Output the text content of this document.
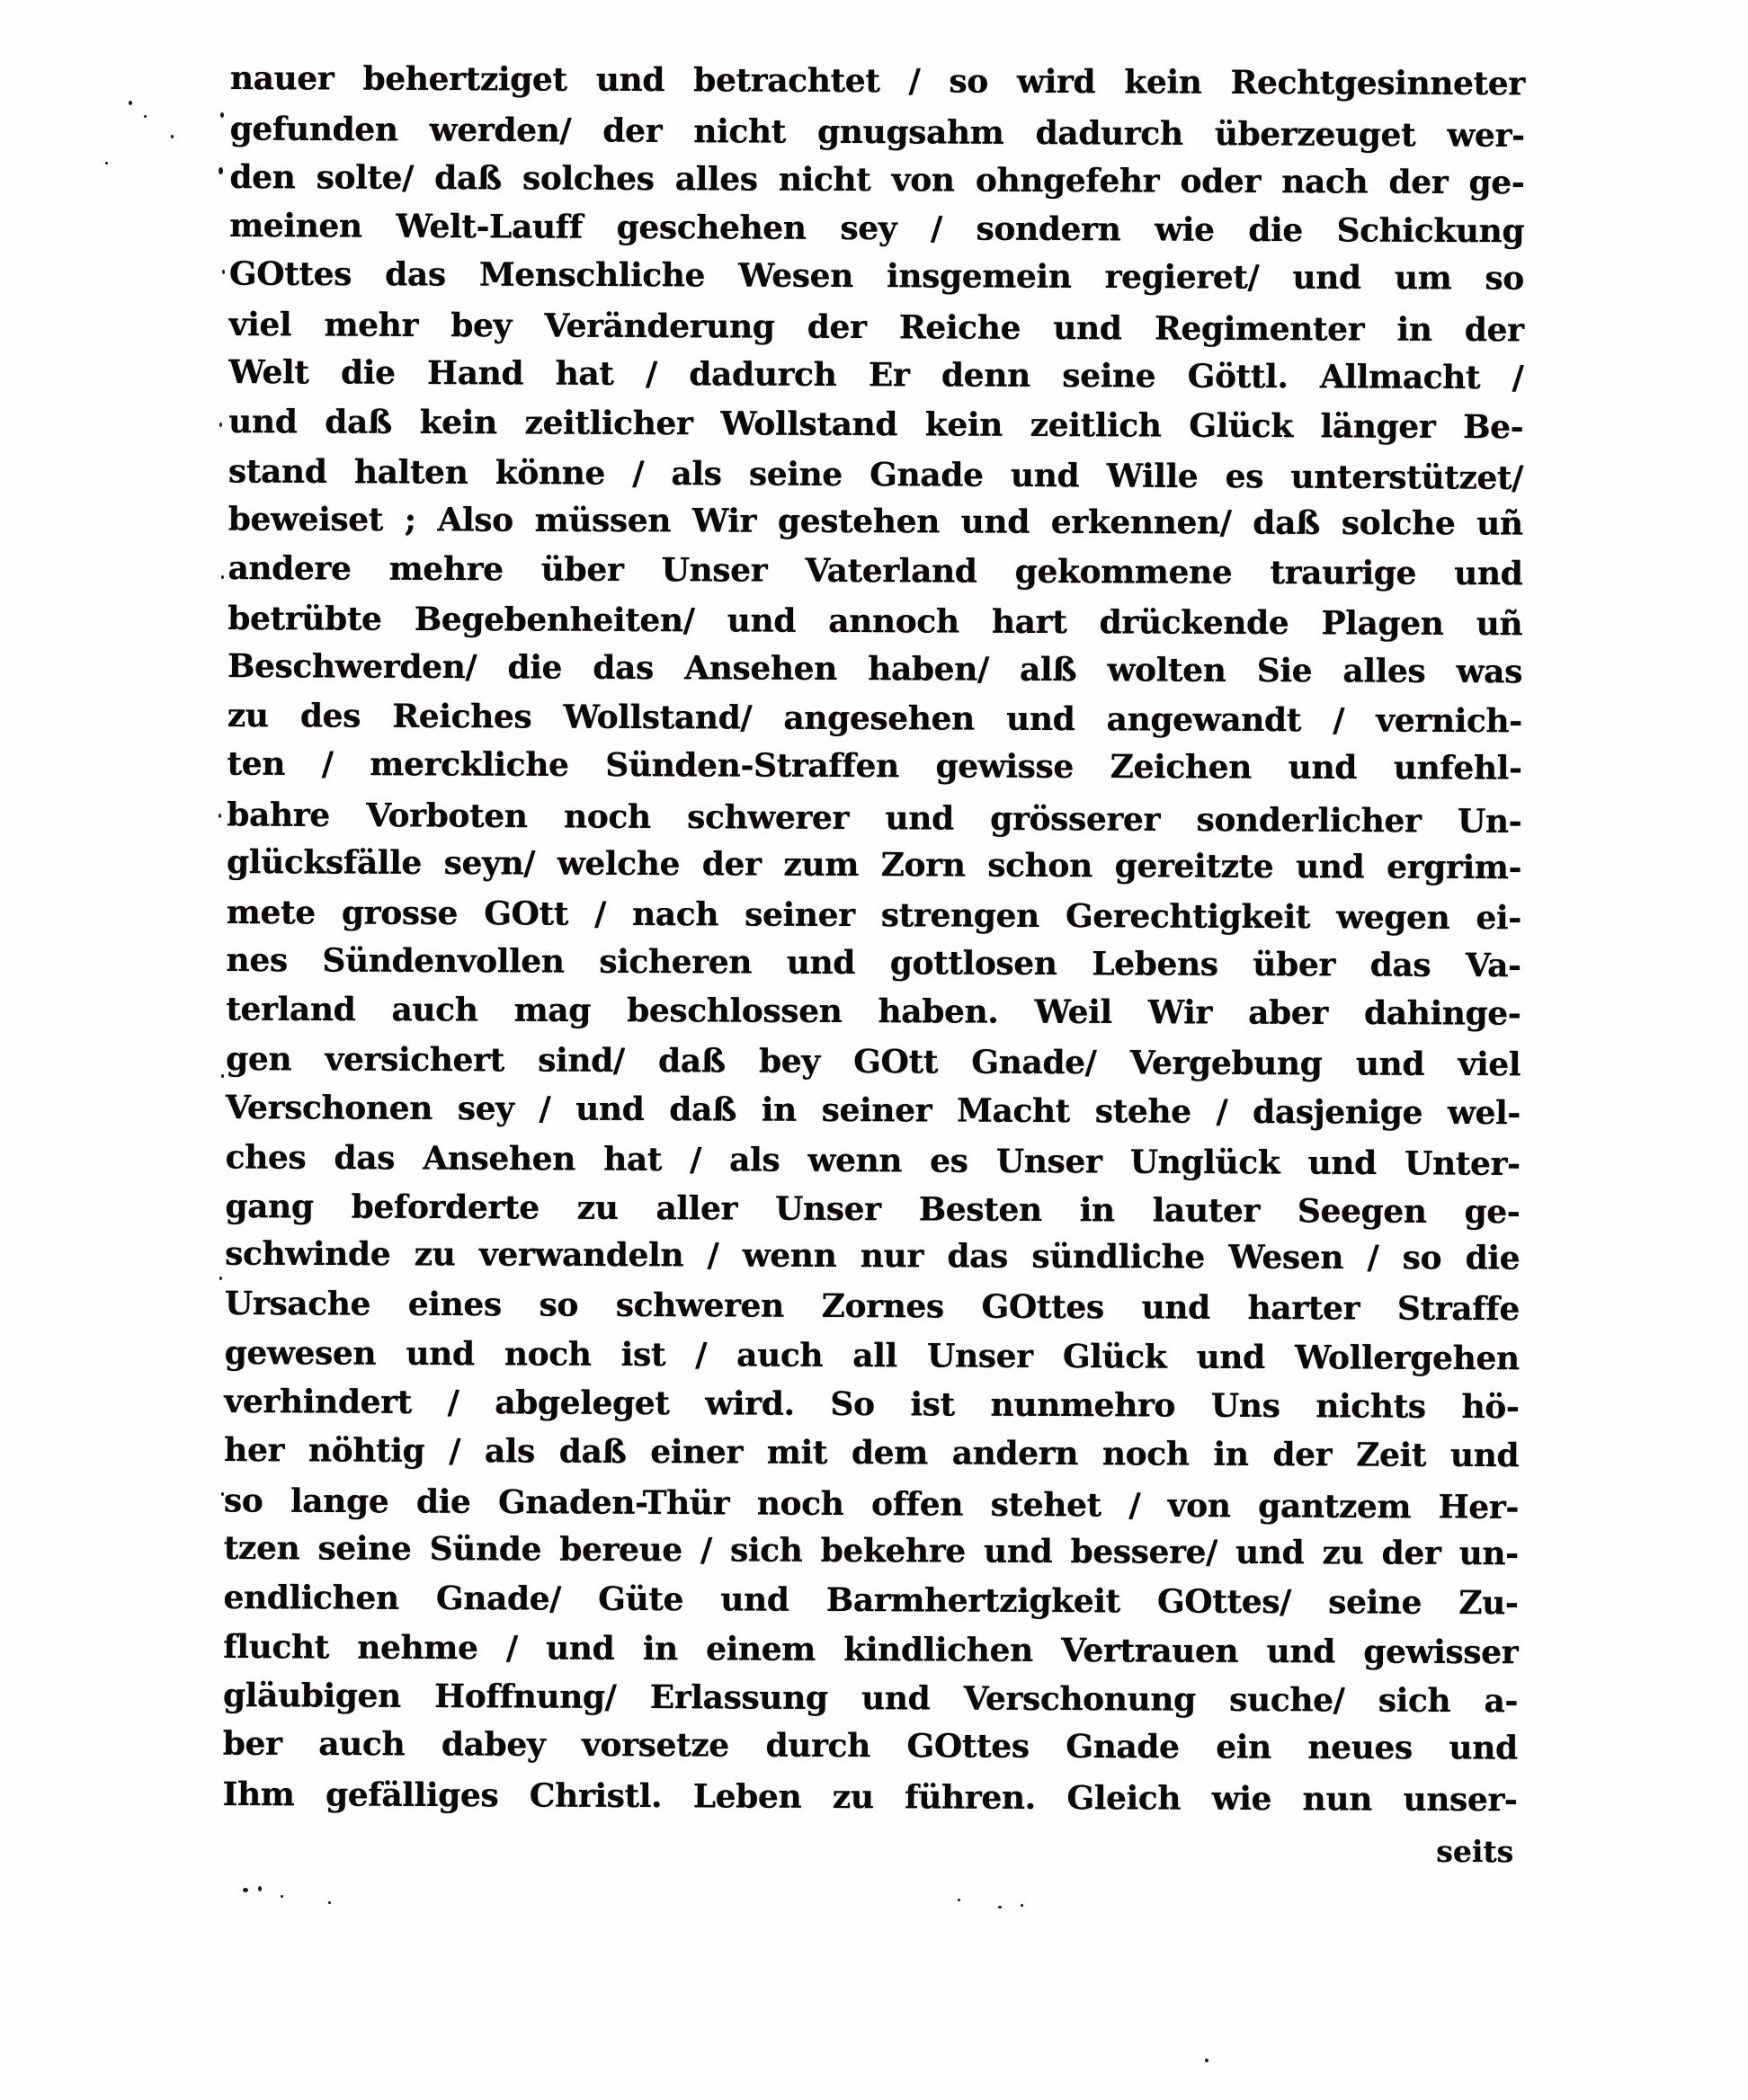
nauer behertziget und betrachtet / so wird kein Rechtgesinneter

gefunden werden/ der nicht gnugsahm dadurch überzeuget wer-

den solte/ daß solches alles nicht von ohngefehr oder nach der ge-

meinen Welt-Lauff geschehen sey / sondern wie die Schickung

GOttes das Menschliche Wesen insgemein regieret/ und um so

viel mehr bey Veränderung der Reiche und Regimenter in der

Welt die Hand hat / dadurch Er denn seine Göttl. Allmacht /

und daß kein zeitlicher Wollstand kein zeitlich Glück länger Be-

stand halten könne / als seine Gnade und Wille es unterstützet/

beweiset ; Also müssen Wir gestehen und erkennen/ daß solche uñ

andere mehre über Unser Vaterland gekommene traurige und

betrübte Begebenheiten/ und annoch hart drückende Plagen uñ

Beschwerden/ die das Ansehen haben/ alß wolten Sie alles was

zu des Reiches Wollstand/ angesehen und angewandt / vernich-

ten / merckliche Sünden-Straffen gewisse Zeichen und unfehl-

bahre Vorboten noch schwerer und grösserer sonderlicher Un-

glücksfälle seyn/ welche der zum Zorn schon gereitzte und ergrim-

mete grosse GOtt / nach seiner strengen Gerechtigkeit wegen ei-

nes Sündenvollen sicheren und gottlosen Lebens über das Va-

terland auch mag beschlossen haben. Weil Wir aber dahinge-

gen versichert sind/ daß bey GOtt Gnade/ Vergebung und viel

Verschonen sey / und daß in seiner Macht stehe / dasjenige wel-

ches das Ansehen hat / als wenn es Unser Unglück und Unter-

gang beforderte zu aller Unser Besten in lauter Seegen ge-

schwinde zu verwandeln / wenn nur das sündliche Wesen / so die

Ursache eines so schweren Zornes GOttes und harter Straffe

gewesen und noch ist / auch all Unser Glück und Wollergehen

verhindert / abgeleget wird. So ist nunmehro Uns nichts hö-

her nöhtig / als daß einer mit dem andern noch in der Zeit und

so lange die Gnaden-Thür noch offen stehet / von gantzem Her-

tzen seine Sünde bereue / sich bekehre und bessere/ und zu der un-

endlichen Gnade/ Güte und Barmhertzigkeit GOttes/ seine Zu-

flucht nehme / und in einem kindlichen Vertrauen und gewisser

gläubigen Hoffnung/ Erlassung und Verschonung suche/ sich a-

ber auch dabey vorsetze durch GOttes Gnade ein neues und

Ihm gefälliges Christl. Leben zu führen. Gleich wie nun unser-

seits
